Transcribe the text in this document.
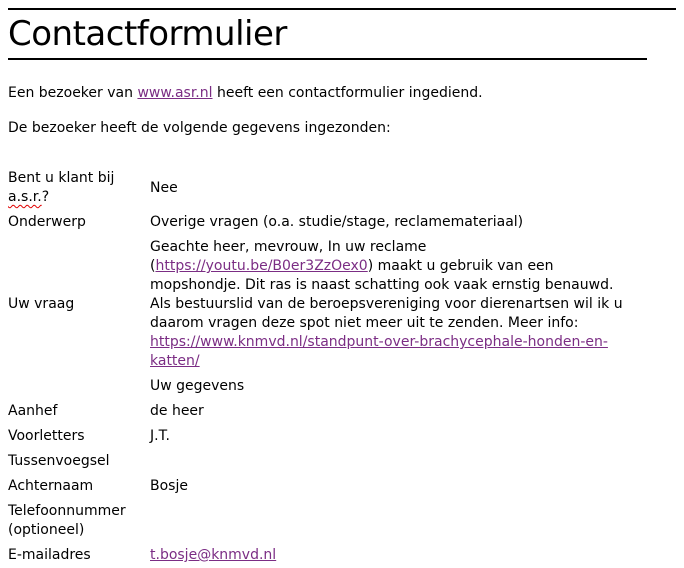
Contactformulier

Een bezoeker van www.asr.nl heeft een contactformulier ingediend.

De bezoeker heeft de volgende gegevens ingezonden:

Bent u klant bij a.s.r.?	Nee
Onderwerp	Overige vragen (o.a. studie/stage, reclamemateriaal)
Uw vraag	Geachte heer, mevrouw, In uw reclame (https://youtu.be/B0er3ZzOex0) maakt u gebruik van een mopshondje. Dit ras is naast schatting ook vaak ernstig benauwd. Als bestuurslid van de beroepsvereniging voor dierenartsen wil ik u daarom vragen deze spot niet meer uit te zenden. Meer info: https://www.knmvd.nl/standpunt-over-brachycephale-honden-en-katten/
	Uw gegevens
Aanhef	de heer
Voorletters	J.T.
Tussenvoegsel	
Achternaam	Bosje
Telefoonnummer (optioneel)	
E-mailadres	t.bosje@knmvd.nl
